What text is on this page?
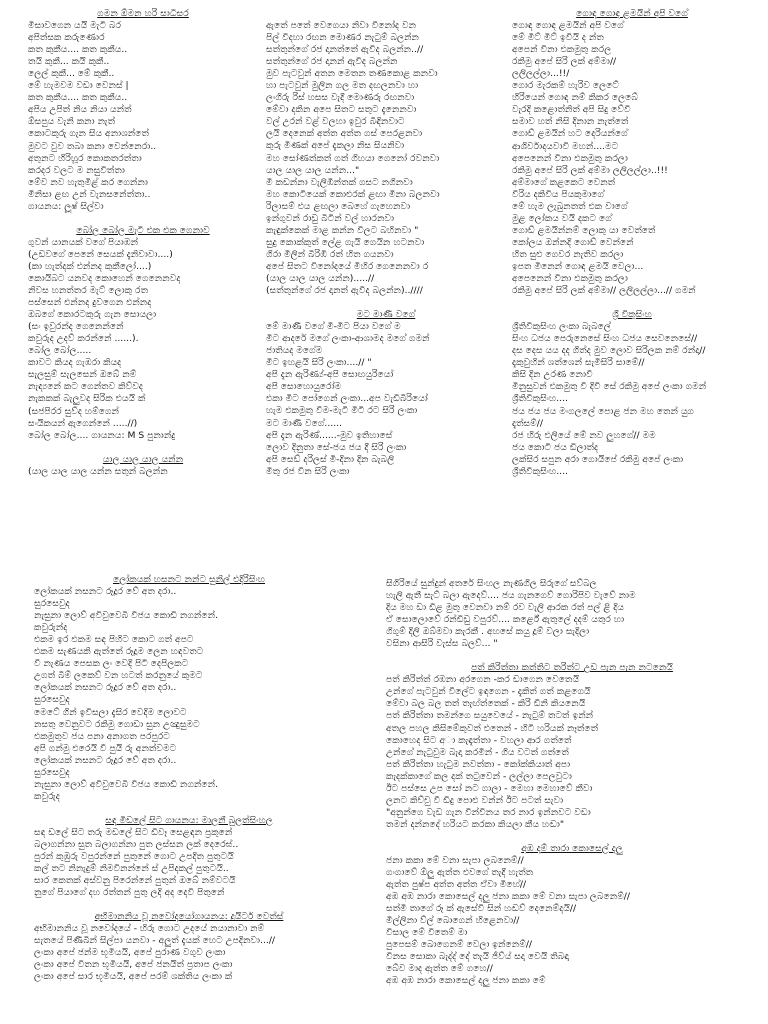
ගමන ඕමන හරි සාධිසර
මිසාවගෙන යයි මැටි බර
අපිත්සක කරුණොර
කත කුකීය.... කත කුකීය..
තයි කුකී... කයි කුකී..
ලෙල් කුකී... මේ කුකී..
මේ හැමවම වඩා වෙනස් |
කත කුකීය.... කත කුකීය..
අපිය උපිත් නිය නියා යන්ත්
ඕසපුය වැනි කනා නැත්
කොටකුරු ගැන සිය අනාශන්තේ
මුවට වුව තබා කනා වෙන්නෙරා..
අතුනට හිරිහූර කොකතරත්තා
කරදර වලට ම නසුවිත්තා
මේව නව හැතුමිළ් කර ගෙන්නා
මිනිසා ළඟ උන් වැනසනේත්තා..
ගායනය: ලූෂ් සිල්වා
බෝල බෝල මැටි එක එක ගෙනාව
ගුවන් යානයක් වගේ පියාඹන්
(උඩවගේ පෙනේ සෙයක් දැනිවාවා....)
(කා හැත්දක් එන්නද කුකීලෝ....)
කොයිබට යනවද කොහෙන් ගෙනෙනවද
නිවස හනත්තර මැට් ලොකු රත
පස්සෙන් එන්නද දුවගෙන එන්නද
ඔබගේ කොරටකුරු ගැන සොයලා
(සං ඉවුරන්ද ගෙනෙන්නේ
කවුරුද උදව් කරන්නේ ......).
බෝල බෝල.....
කාවට කියද ගැඹරා කියද
සැලසුම් සැලසෙන් ඔබේ නම්
නැඳ්‍යනේ කට ගෙන්තව කිව්වද
නැකකක් බැලුවද සිරික එයයි ක්
(සජපිරර සුව්ද හම්ගෙන්
සංයිකයන් ඇගෙන්නේ .....//)
බෝල බෝල.... ගායනය: M S පුනාන්දු
යාල යාල යාල යන්න
(යාල යාල යාල යන්න සතුන් බලන්න
ඇතේ පතේ වෙගෙයා නිවා විනෝද වන
පිල් විදහා රඟන මොණර නැටුම් බලන්න
සත්තුන්ගේ රජ දානත්තේ ඇවිද බලන්න..//
සත්තුන්ගේ රජ දානන් ඇවිද බලන්න
මුව පැටවුන් අතන මෙතන තණකොළ කනවා
හා පැටවුන් මුලින ගල මත දඟලනවා හා
ලංගිරු රිස් හසස වැදී මොණරු රඟනවා
මේවා දකින අපෙ සිතට සතුට දැනෙනවා
වල් උරන් වළ් වලහා ඉවුර බීඳිනවාට
ලයි දෙනෙක් අත්ත අත්ත ගස් පෙරළනවා
කුරු මිණක් අපේ දැකලා නිස සියනිවා
මහ සෝණත්කත් ගත් ගිහයා ගෙනෝ රවනවා
යාල යාල යාල යන්න..."
මි කඩන්නා වැලිඹින්තක් ගසට නගිනවා
මහ කොටියෙක් කොළුරක් ළඟා මිනා බලනවා
රිලාසම් එය ළඟලා බෙහේ ගැහෙනවා
ඉන්ගුවන් රාඩු බිටින් වල් හාරනවා
කැඳුක්කෙක් මාළ කන්න විලට බහිනවා "
සුදු කොක්කුත් ලේළ ගැයි ගෙයින හටනවා
ගිරා මිලින් බිරිඹි රත් හිත ගයනවා
අපේ සිතට විනෝදයේ මීහිර ගෙනෙනවා ර
(යාල යාල යාල යන්න).....//
(සත්තුන්ගේ රජ දානත් ඇවිද බලන්න)..////
මට මාණි වගේ
මේ මාණි වගේ මි-මිට පියා වගේ ම
මිට ආදරේ මගේ ලංකා-ආශාමද මගේ ගමන්
ජාතියද මගේම
මිට ඉහළයි සිරි ලංකා....// "
අපි දැන ඇරිණ්‍ය්-අපි සොඟයුරියෝ
අපි සොහොයුරෝම
එකා මිට පෝගෙන් ලංකා...අප වැඩිබිරියෝ
හැම එකමුතු වීම-මැටි මිටි රට සිරි ලංකා
මට මාණි වගේ......
අපි දැන ඇරිණ්......-මුව ඉතිහාසේ
ලොව දිනුතා සේ-ජය ජය දී සිරි ලංකා
අපි සෙඩ් දරිලස් මි-දිනා දින බැබලි
මිතු රජ වින සිරි ලංකා
ගොඳ ගොඳ ළමයින් අපි වගේ
ගොඳ ගොඳ ළමයින් අපි වගේ
මේ මිට් මිට් ඉවියි ද න්ත
අපෙන් විනා එකමුතු කරල
රකිමු අපේ සිරි ලක් අම්මා//
ලලිලල්ලා...!!/
ගොර මැරකම් හැරිව ලෙටේ
හිරියෙන් ගොඳ නම් කිකර ලෙබේ
වැරදි කළොත්නිත් අපි සිදු වේවි
සමාව හත් නිසි දිනාන නැත්තේ
ගොඩ් ළමයින් හට දෙරියන්ගේ
ආශිර්වාදයවාවි මහන්....මට
අපෙනෙන් විනා එකමුතු කරලා
රකිමු අපේ සිරි ලක් අම්මා ලලිලල්ලා..!!!
අම්මාගේ කළකෙට වෙනත්
වීරිය දකිවිය පියකුමාගේ
මේ හැම ලැබුනතත් එක වාගේ
මුළ ලෝකය වයි දකට ගේ
ගොඩ් ළමයින්නම් ලොකු යා වෙත්තේ
කෝලය ඔන්නදි ගොඩ් වෙන්නේ
හිත සුළු ගෙවර නැතිව කරලා
ඉපත මිනෙන් ගොඳ ළමයි වෙලා...
අපෙනෙන් විනා එකමුතු කරලා
රකිමු අපේ සිරි ලක් අම්මා// ලලිලල්ලා...// ගමන්
ශ්‍රී විකුසිංහ
ශ්‍රීතිවිකුසිංහ ලංකා බැබලේ
සිංහ ධජය පෙරුනෙසේ සිංහ ධජය සෙවනෙසේ//
දස දෙස යය දද ගිත්ද මුව ලොව සිරිලක නම් රන්දා//
දැකුවුහින් ශත්ශෙන් සැමිසිරි සාමේ//
කිසි දින උරණ නොවී
මිනුසුවන් එකමුතු වී දිවි සේ රකිමු අපේ ලංකා ගමන්
ශ්‍රීතිවිකුසිංහ....
ජය ජය ජය මංගලලේ පොළ ජන මහ තෙන් යුග
දැත්සම්//
රජ හිරු එලියේ මේ නව ලුහගේ// මම
ජය කොටි ජය ඩිලාත්ද
ලක්සිර සපුන අරා ගොයිපේ රකිමු අපේ ලංකා
ශ්‍රීතිවිකුසිංහ....
ලෝකයක් හසනට නන්ට සුනිල් එදිරිසිංහ
ලෝකයක් නසනට රූදූර වේ අත දරා..
සුරසෙවුද
නැසුනා ලොව් අවිවුවෙබි විජය කොඩි නගන්නේ.
කවුරුන්ද
එකම ඉර එකම සඳ පිහිට කොට ගත් අපට
එකම සැණයකි ඇත්තේ රූදූම ලෙන හඳවතට
වී නැණය පෙසක ලං වෙදි පිටි දෙපිලකට
උගත් බීම් ලකෙව් වන හටත් කරනුයේ කුමට
ලෝකයක් නසනට රූදූර වේ අත දරා..
සුරසෙවුද
මෙටේ ගින් ඉවිසලා දැසිර වෙදිම ලොවට
නසතු වෙනුවට රකිමු ගොඩා සුන උඤුසුමට
එකමුතුව ජය පනා අනාගත පරපුරට
අපි ගන්මු එරෙයි වී පුයි රු අනත්වමට
ලෝකයක් නසනට රූදූර වේ අත දරා..
සුරසෙවුද
නැසුනා ලොව් අවිවුවෙබි විජය කොඩි නගන්නේ.
කවුරුද
සඳ මිඩලේ සිට ගායනය: මාලනී බුලත්සිංහල
සඳ ඩලේ සිට තරු මඩලේ සිට ඩිවෑ සෙළඳන ප්‍රකුනේ
බලාගන්නා සුත බලාගන්නා පුත ලස්සන ලක් දෙරෙඝ්..
පුරන් කුඹුරු වපුරන්නේ පුතුනේ ගොට උපදිත පුතුටයි
කල් තට නිනැදුම් නිමවිනන්නේ ස් උපිදකල් පුතුටයි..
සාර කෙතක් අස්වනු පිරෙන්නේ පුතුන් ඔබේ නම්වටයි
නුගේ පියාගේ දහ රත්තන් පුතු ලදි අද දෙවි පිතුනේ
අභිමානනිය වූ නවෝදයෝගායනය: දුයිටර් වෙත්ස්
අභිමානනිය වූ නවෝදයේ - හිරු ගොට උදයේ නයානාවා නම්
සැතයේ පිණිබින් සිල්පා යනවා - අලුත් දැයක් හෙට උපදිනවා...//
ලංකා අපේ ජන්ම භූමියයි, අපේ පුරාණ වගුව ලංකා
ලංකා අපේ විතන භූමියයි, අපේ ජනයිත් ප්‍රතාප ලංකා
ලංකා අපේ සාර භූමියයි, අපේ පරම් ශක්තිය ලංකා ක්
සිගිරියේ සුන්දුන් අතරේ සිංහල නැණගිල සිරුගේ සව්බල
හැලි ඇතී සැට් බලා ඇදෙව්.... ජය ගැනගෙව් ගොරිපිව වැවේ නාම
දිය මහ ඩා ඩිළ මුතු වෙනවා නම් රව වැලි ආරක රත් පල් ළි දිය
ඒ සොලොවේ රන්ඩිඩු වපුරව්.... කර්ළේ ඇතුලේ දදම් යතුර හා
ගිගුම් දිලි ඔබ්මවා කැරකී . අහසේ කයු දූම් වලා සැදිලා
වසිනා ආසිරි වැස්ස බලව්... "
පත් කිරිත්තා කත්තිට තරිත්ට උඩ පැන පැන නටනෙයි
පත් කිරිත්ත් රඹනා අරගෙන -කර ඩාගෙන වෙතෙයි
උන්ගේ පැටවුන් වීලේට ඉඳගෙන - දැකිත් ගත් කළගෙයි
මේවා බල බල තත් තැඟ්ත්තෙක් - කිරි ඩීනි කියනෙයි
පත් කිරිත්තා තමන්ගෙ සයුවෙයේ - නැටුම් තටත් ඉන්න්
අතල පහල කිසිමේකුවත් එතෙන් - හිටි හරියක් නෑත්තේ
කොහෙද සිට අා කැඳැත්තා - වහලා ආර ගත්තේ
උන්ගේ නැටුවුම බැදා කරමින් - ගිය වටත් ගත්තේ
පත් කිරිත්තා හැටුම නවත්තා - කෝක්කියාත් අපා
කැදක්කාගේ කල දක් තටුවෙන් - ලල්ලා පෙලවුටා
ඊට පස්සෙ උප සෝ නට ගාලා - මෙහා මෙහාවේ කීවා
ලනට කිච්චු වී ඩිදු පොළු වන්න් ඊට පටත් සැවා
"අනුන්ගෙ වැඩ ගැන වින්විනය තර නාර ඉන්නවට වඩා
තමන් දන්නදේ හරියට කරකා කියලා කීය හඬා"
අඹ දම් තාරා කොසෙල් දලු
ජනා කකා මේ වනා සැපා ලබනෙම්//
ගංගාවේ ඕලු ඇත්ත එවගේ තැදී හ‍‍ැත්ත
ඇත්ත පුෂ්ප අත්ත අත්ත ඒවා මිහේ//
අඹ අඹ නාරා කොසෙල් දලු ජනා කකා මේ වනා සැපා ලබනෙම්//
සත්මි තාගේ රූ ක් ඇසේවි සින් හඬව් දෙනෙම්දයි//
මිල්ලිනා ව්ල් බොගෙන් හි‍‍ළෙනවා//
විසාල මේ විතෙම් මා
පුපෙසම් බොගෙනම් වෙලා ඉන්නෙම්//
විනස සොකා බැද්ද් දේ තැයි ජිව්ය් සදා වෙයි තිබඳා
බේව මාද ඇත්ත මේ ගහෙ//
අඹ අඹ නාරා කොසෙල් දලු ජනා කකා මේ
